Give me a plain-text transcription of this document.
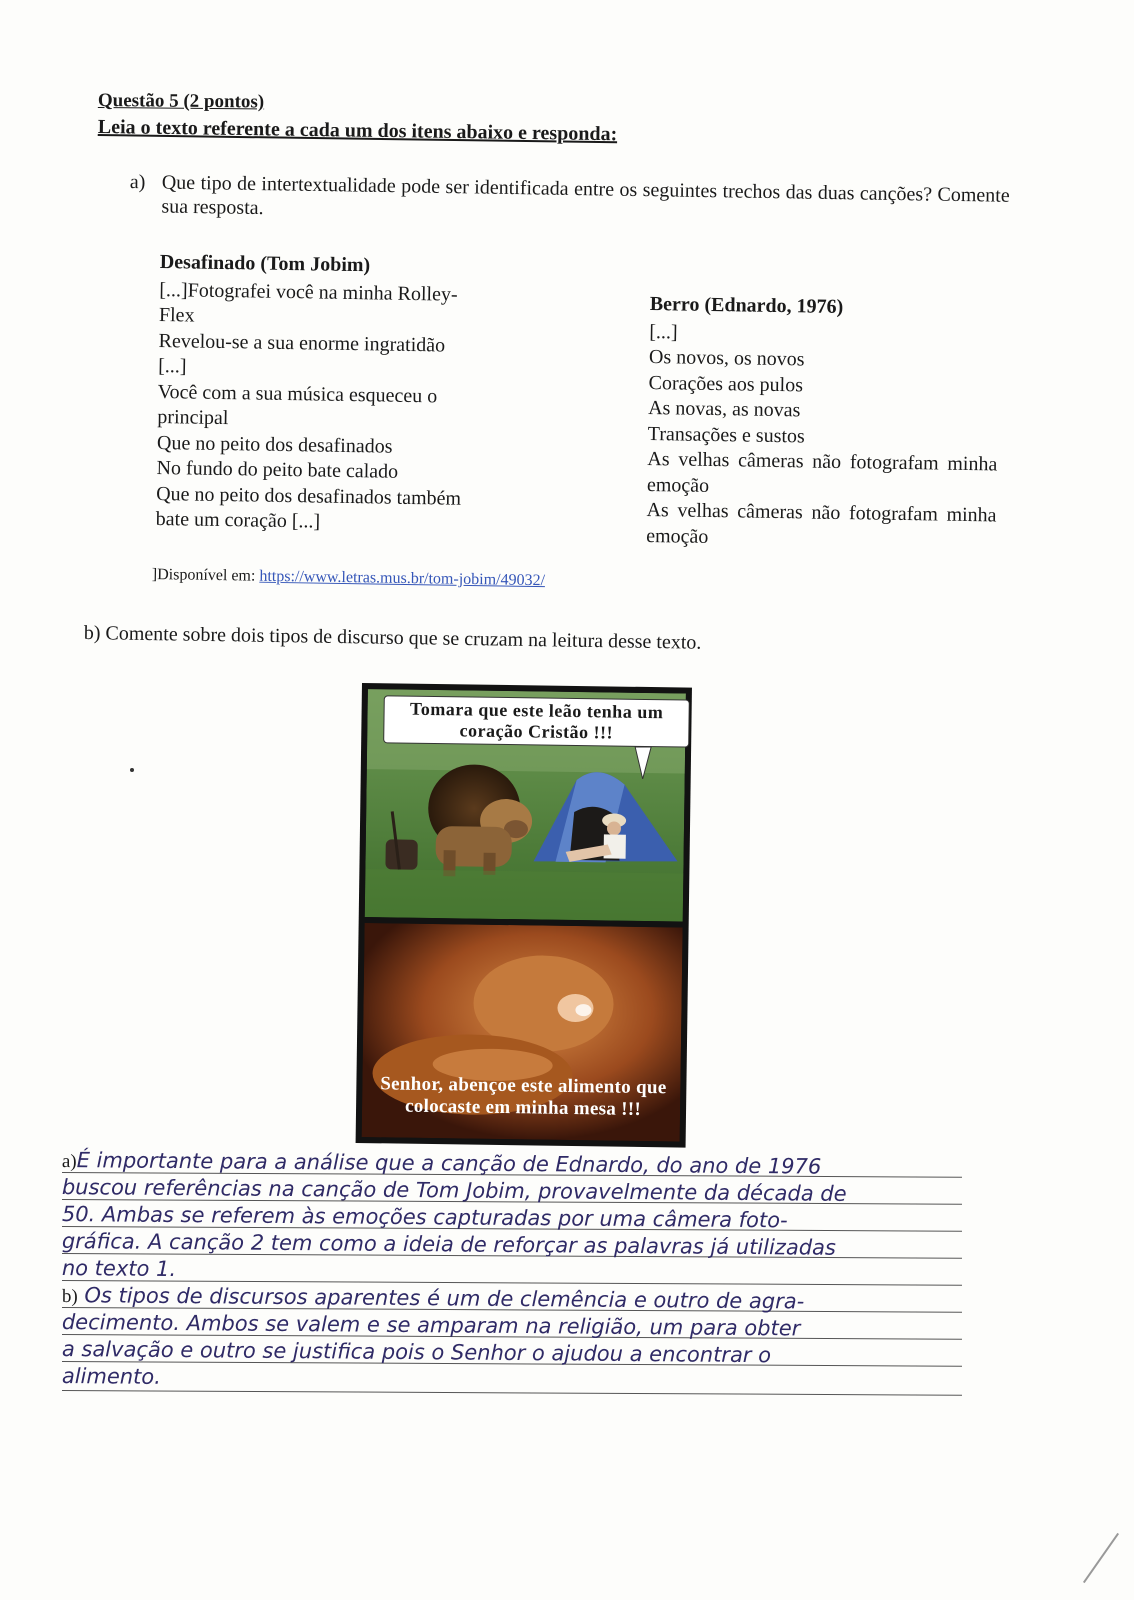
Questão 5 (2 pontos)
Leia o texto referente a cada um dos itens abaixo e responda:
a) Que tipo de intertextualidade pode ser identificada entre os seguintes trechos das duas canções? Comente sua resposta.
Desafinado (Tom Jobim)
[...]Fotografei você na minha Rolley-
Flex
Revelou-se a sua enorme ingratidão
[...]
Você com a sua música esqueceu o
principal
Que no peito dos desafinados
No fundo do peito bate calado
Que no peito dos desafinados também
bate um coração [...]
Berro (Ednardo, 1976)
[...]
Os novos, os novos
Corações aos pulos
As novas, as novas
Transações e sustos
As velhas câmeras não fotografam minha emoção
As velhas câmeras não fotografam minha emoção
]Disponível em: https://www.letras.mus.br/tom-jobim/49032/
b) Comente sobre dois tipos de discurso que se cruzam na leitura desse texto.
Tomara que este leão tenha um coração Cristão !!!
Senhor, abençoe este alimento que colocaste em minha mesa !!!
a)É importante para a análise que a canção de Ednardo, do ano de 1976
buscou referências na canção de Tom Jobim, provavelmente da década de
50. Ambas se referem às emoções capturadas por uma câmera foto-
gráfica. A canção 2 tem como a ideia de reforçar as palavras já utilizadas
no texto 1.
b) Os tipos de discursos aparentes é um de clemência e outro de agra-
decimento. Ambos se valem e se amparam na religião, um para obter
a salvação e outro se justifica pois o Senhor o ajudou a encontrar o
alimento.
